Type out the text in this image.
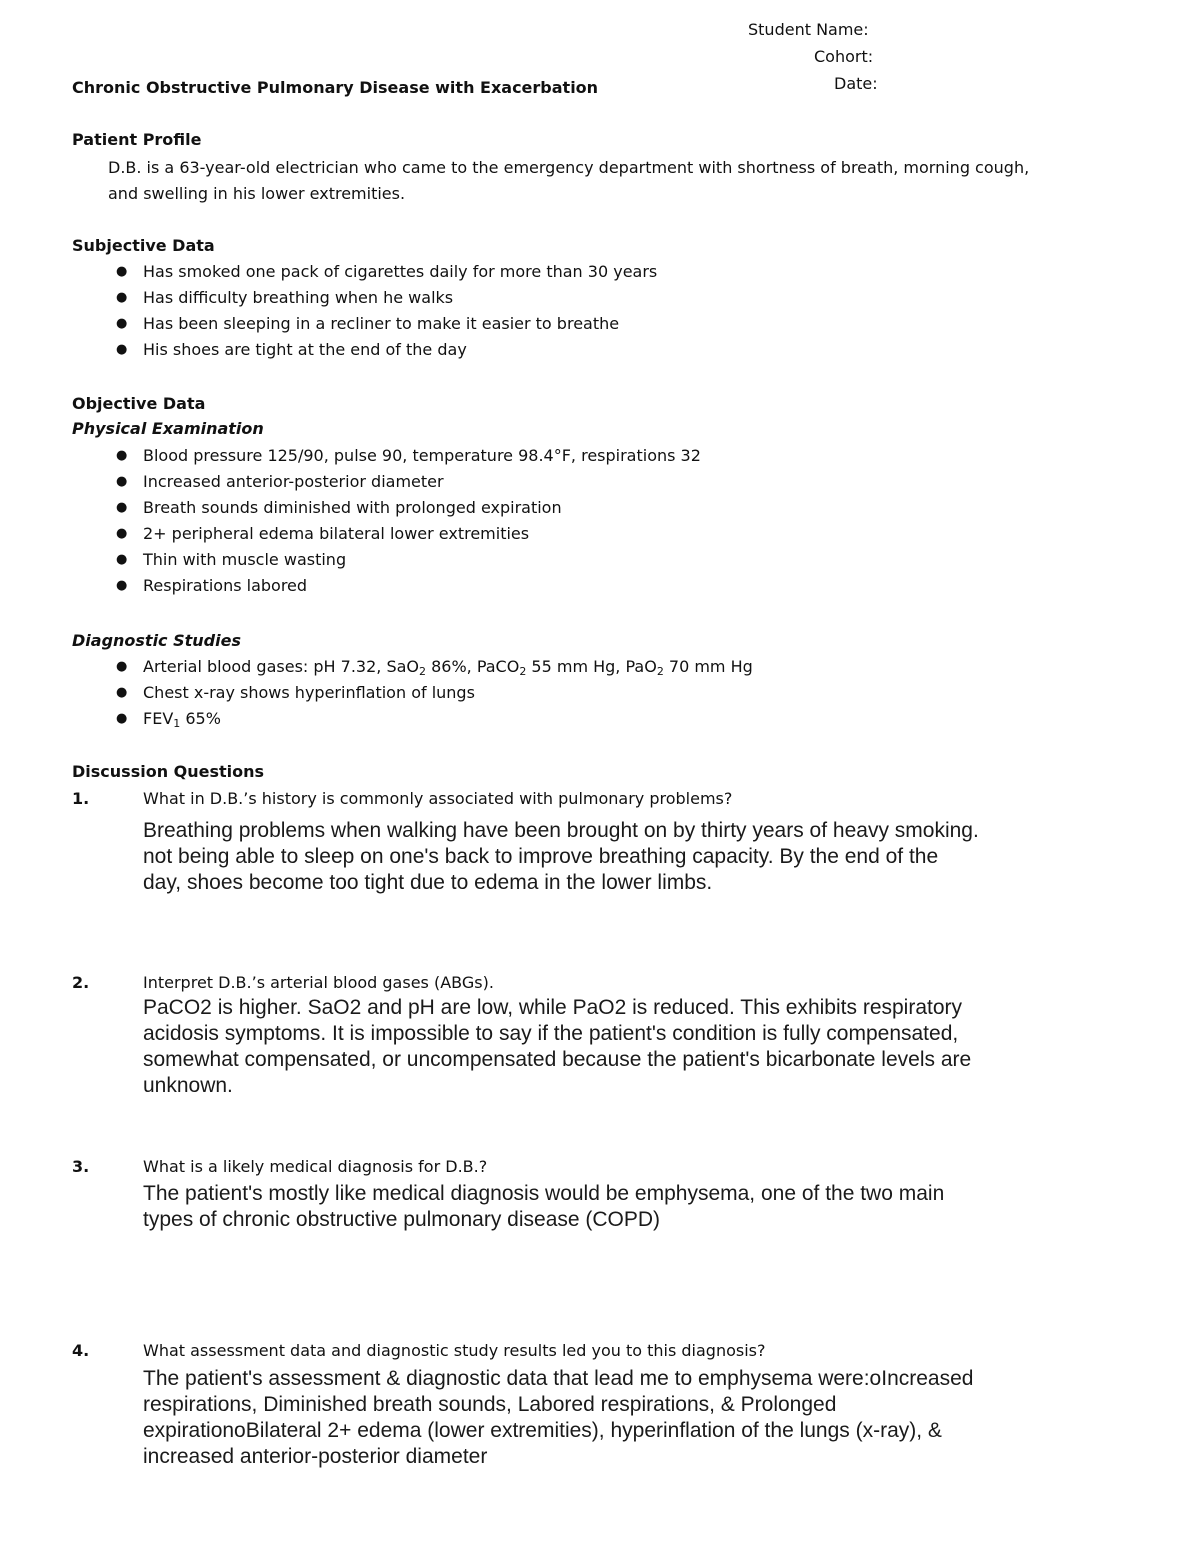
Student Name:
Cohort:
Date:
Chronic Obstructive Pulmonary Disease with Exacerbation
Patient Profile
D.B. is a 63-year-old electrician who came to the emergency department with shortness of breath, morning cough,
and swelling in his lower extremities.
Subjective Data
● Has smoked one pack of cigarettes daily for more than 30 years
● Has difficulty breathing when he walks
● Has been sleeping in a recliner to make it easier to breathe
● His shoes are tight at the end of the day
Objective Data
Physical Examination
● Blood pressure 125/90, pulse 90, temperature 98.4°F, respirations 32
● Increased anterior-posterior diameter
● Breath sounds diminished with prolonged expiration
● 2+ peripheral edema bilateral lower extremities
● Thin with muscle wasting
● Respirations labored
Diagnostic Studies
● Arterial blood gases: pH 7.32, SaO$_2$ 86%, PaCO$_2$ 55 mm Hg, PaO$_2$ 70 mm Hg
● Chest x-ray shows hyperinflation of lungs
● $FEV_1$ 65%
Discussion Questions
1.	What in D.B.’s history is commonly associated with pulmonary problems?
Breathing problems when walking have been brought on by thirty years of heavy smoking.
not being able to sleep on one's back to improve breathing capacity. By the end of the
day, shoes become too tight due to edema in the lower limbs.
2.	Interpret D.B.’s arterial blood gases (ABGs).
PaCO2 is higher. SaO2 and pH are low, while PaO2 is reduced. This exhibits respiratory
acidosis symptoms. It is impossible to say if the patient's condition is fully compensated,
somewhat compensated, or uncompensated because the patient's bicarbonate levels are
unknown.
3.	What is a likely medical diagnosis for D.B.?
The patient's mostly like medical diagnosis would be emphysema, one of the two main
types of chronic obstructive pulmonary disease (COPD)
4.	What assessment data and diagnostic study results led you to this diagnosis?
The patient's assessment & diagnostic data that lead me to emphysema were:oIncreased
respirations, Diminished breath sounds, Labored respirations, & Prolonged
expirationoBilateral 2+ edema (lower extremities), hyperinflation of the lungs (x-ray), &
increased anterior-posterior diameter
